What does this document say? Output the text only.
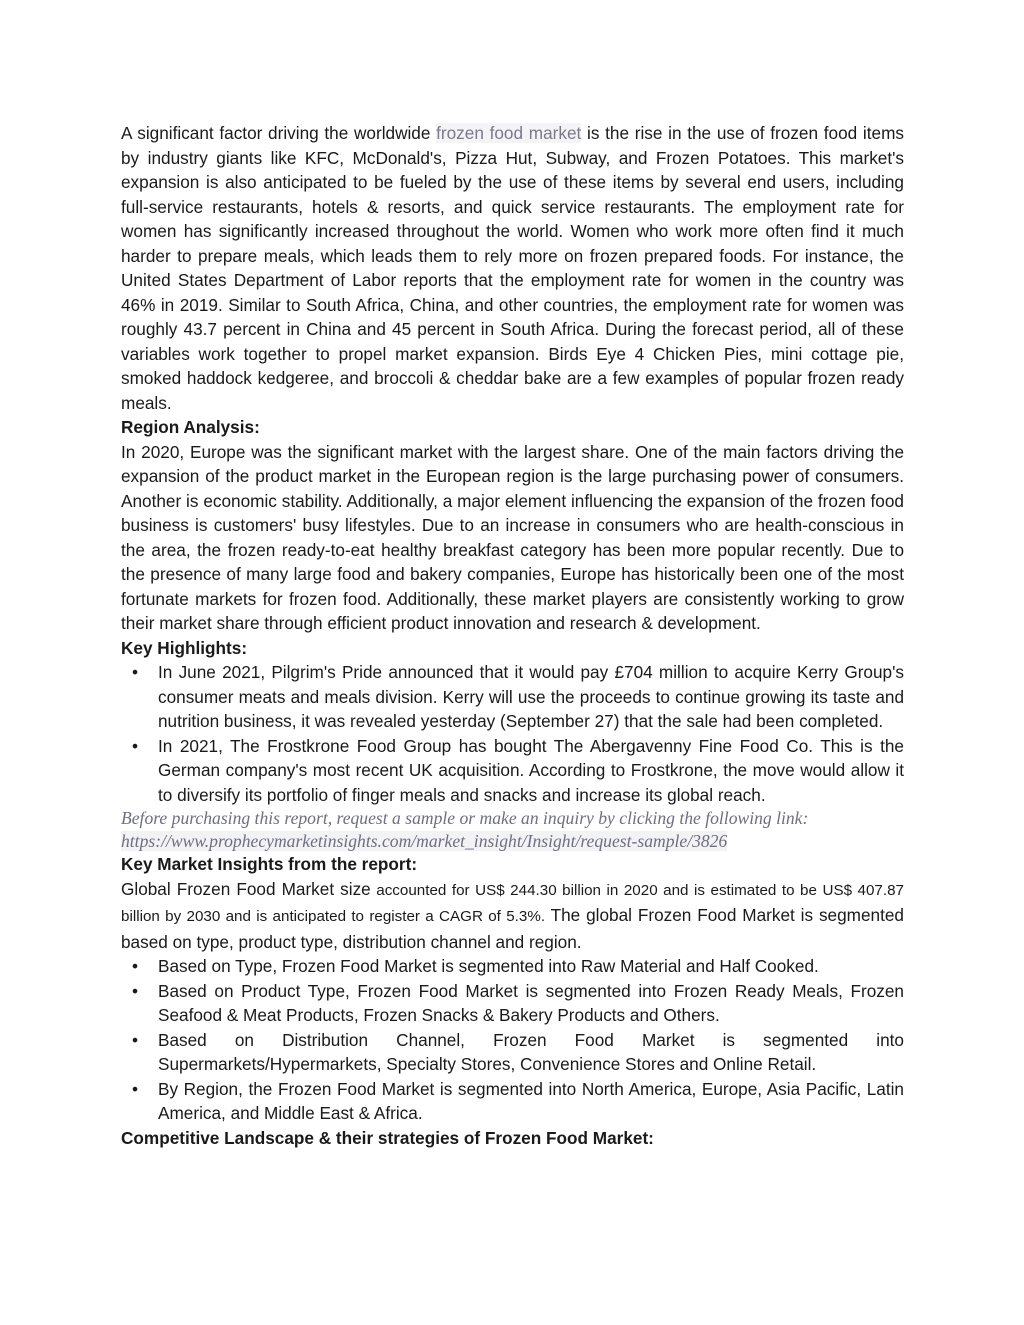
A significant factor driving the worldwide frozen food market is the rise in the use of frozen food items by industry giants like KFC, McDonald's, Pizza Hut, Subway, and Frozen Potatoes. This market's expansion is also anticipated to be fueled by the use of these items by several end users, including full-service restaurants, hotels & resorts, and quick service restaurants. The employment rate for women has significantly increased throughout the world. Women who work more often find it much harder to prepare meals, which leads them to rely more on frozen prepared foods. For instance, the United States Department of Labor reports that the employment rate for women in the country was 46% in 2019. Similar to South Africa, China, and other countries, the employment rate for women was roughly 43.7 percent in China and 45 percent in South Africa. During the forecast period, all of these variables work together to propel market expansion. Birds Eye 4 Chicken Pies, mini cottage pie, smoked haddock kedgeree, and broccoli & cheddar bake are a few examples of popular frozen ready meals.

Region Analysis:

In 2020, Europe was the significant market with the largest share. One of the main factors driving the expansion of the product market in the European region is the large purchasing power of consumers. Another is economic stability. Additionally, a major element influencing the expansion of the frozen food business is customers' busy lifestyles. Due to an increase in consumers who are health-conscious in the area, the frozen ready-to-eat healthy breakfast category has been more popular recently. Due to the presence of many large food and bakery companies, Europe has historically been one of the most fortunate markets for frozen food. Additionally, these market players are consistently working to grow their market share through efficient product innovation and research & development.

Key Highlights:

• In June 2021, Pilgrim's Pride announced that it would pay £704 million to acquire Kerry Group's consumer meats and meals division. Kerry will use the proceeds to continue growing its taste and nutrition business, it was revealed yesterday (September 27) that the sale had been completed.
• In 2021, The Frostkrone Food Group has bought The Abergavenny Fine Food Co. This is the German company's most recent UK acquisition. According to Frostkrone, the move would allow it to diversify its portfolio of finger meals and snacks and increase its global reach.

Before purchasing this report, request a sample or make an inquiry by clicking the following link:

https://www.prophecymarketinsights.com/market_insight/Insight/request-sample/3826

Key Market Insights from the report:

Global Frozen Food Market size accounted for US$ 244.30 billion in 2020 and is estimated to be US$ 407.87 billion by 2030 and is anticipated to register a CAGR of 5.3%. The global Frozen Food Market is segmented based on type, product type, distribution channel and region.

• Based on Type, Frozen Food Market is segmented into Raw Material and Half Cooked.
• Based on Product Type, Frozen Food Market is segmented into Frozen Ready Meals, Frozen Seafood & Meat Products, Frozen Snacks & Bakery Products and Others.
• Based on Distribution Channel, Frozen Food Market is segmented into Supermarkets/Hypermarkets, Specialty Stores, Convenience Stores and Online Retail.
• By Region, the Frozen Food Market is segmented into North America, Europe, Asia Pacific, Latin America, and Middle East & Africa.

Competitive Landscape & their strategies of Frozen Food Market:
